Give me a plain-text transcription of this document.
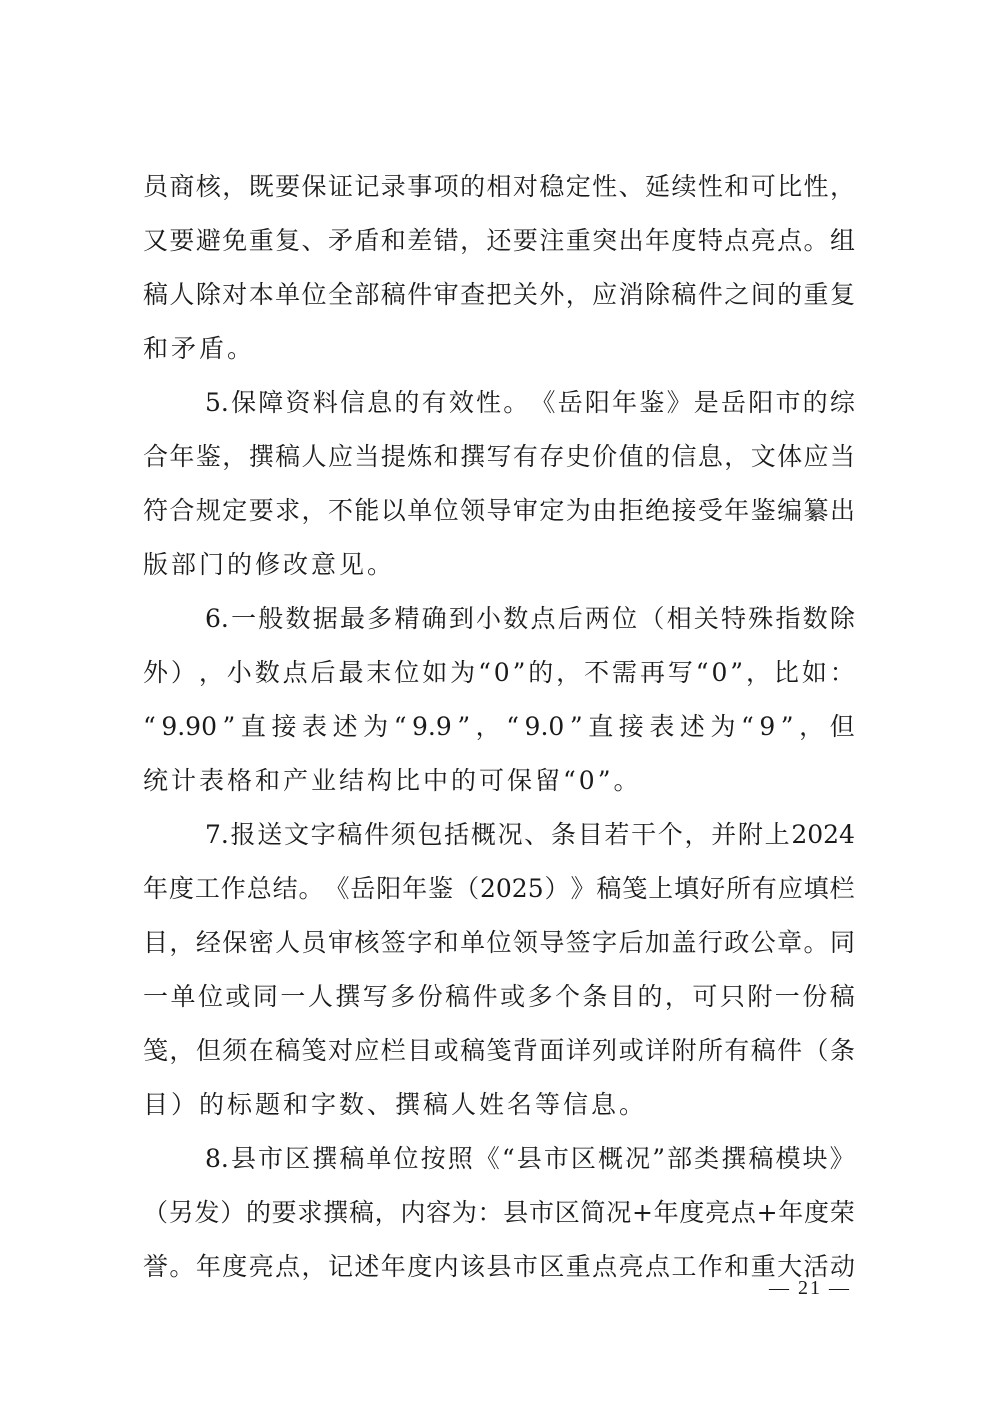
员 商 核 ， 既 要 保 证 记 录 事 项 的 相 对 稳 定 性 、 延 续 性 和 可 比 性 ，
又 要 避 免 重 复 、 矛 盾 和 差 错 ， 还 要 注 重 突 出 年 度 特 点 亮 点 。 组
稿 人 除 对 本 单 位 全 部 稿 件 审 查 把 关 外 ， 应 消 除 稿 件 之 间 的 重 复
和矛盾。
5. 保 障 资 料 信 息 的 有 效 性 。 《 岳 阳 年 鉴 》 是 岳 阳 市 的 综
合 年 鉴 ， 撰 稿 人 应 当 提 炼 和 撰 写 有 存 史 价 值 的 信 息 ， 文 体 应 当
符 合 规 定 要 求 ， 不 能 以 单 位 领 导 审 定 为 由 拒 绝 接 受 年 鉴 编 纂 出
版部门的修改意见。
6. 一 般 数 据 最 多 精 确 到 小 数 点 后 两 位 （ 相 关 特 殊 指 数 除
外 ） ， 小 数 点 后 最 末 位 如 为 “ 0 ” 的 ， 不 需 再 写 “ 0 ” ， 比 如 ：
“ 9.90 ” 直 接 表 述 为 “ 9.9 ” ， “ 9.0 ” 直 接 表 述 为 “ 9 ” ， 但
统计表格和产业结构比中的可保留“0”。
7. 报 送 文 字 稿 件 须 包 括 概 况 、 条 目 若 干 个 ， 并 附 上 2024
年 度 工 作 总 结 。 《 岳 阳 年 鉴 （ 2025 ） 》 稿 笺 上 填 好 所 有 应 填 栏
目 ， 经 保 密 人 员 审 核 签 字 和 单 位 领 导 签 字 后 加 盖 行 政 公 章 。 同
一 单 位 或 同 一 人 撰 写 多 份 稿 件 或 多 个 条 目 的 ， 可 只 附 一 份 稿
笺 ， 但 须 在 稿 笺 对 应 栏 目 或 稿 笺 背 面 详 列 或 详 附 所 有 稿 件 （ 条
目）的标题和字数、撰稿人姓名等信息。
8. 县 市 区 撰 稿 单 位 按 照 《 “ 县 市 区 概 况 ” 部 类 撰 稿 模 块 》
（ 另 发 ） 的 要 求 撰 稿 ， 内 容 为 ： 县 市 区 简 况 + 年 度 亮 点 + 年 度 荣
誉 。 年 度 亮 点 ， 记 述 年 度 内 该 县 市 区 重 点 亮 点 工 作 和 重 大 活 动
— 21 —
